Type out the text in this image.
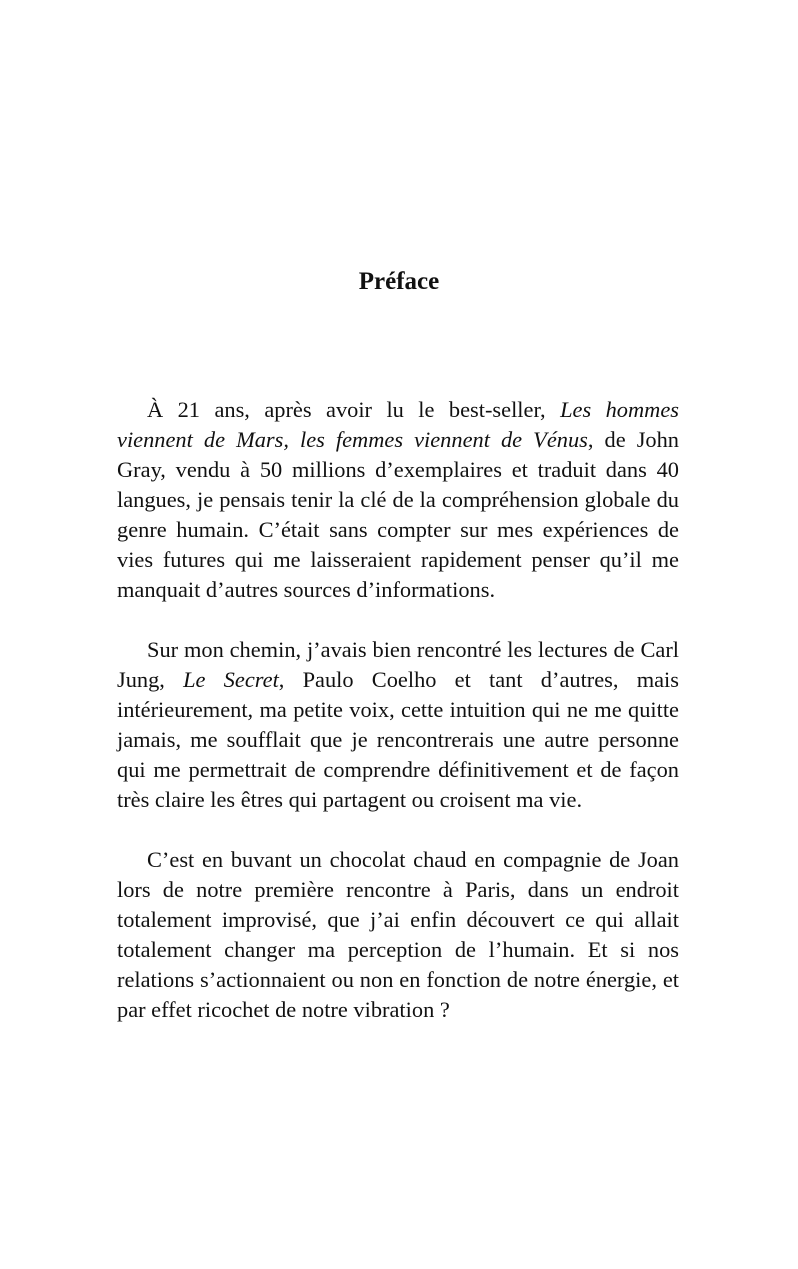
Préface

À 21 ans, après avoir lu le best-seller, Les hommes viennent de Mars, les femmes viennent de Vénus, de John Gray, vendu à 50 millions d’exemplaires et traduit dans 40 langues, je pensais tenir la clé de la compréhension globale du genre humain. C’était sans compter sur mes expériences de vies futures qui me laisseraient rapidement penser qu’il me manquait d’autres sources d’informations.

Sur mon chemin, j’avais bien rencontré les lectures de Carl Jung, Le Secret, Paulo Coelho et tant d’autres, mais intérieurement, ma petite voix, cette intuition qui ne me quitte jamais, me soufflait que je rencontrerais une autre personne qui me permettrait de comprendre définitivement et de façon très claire les êtres qui partagent ou croisent ma vie.

C’est en buvant un chocolat chaud en compagnie de Joan lors de notre première rencontre à Paris, dans un endroit totalement improvisé, que j’ai enfin découvert ce qui allait totalement changer ma perception de l’humain. Et si nos relations s’actionnaient ou non en fonction de notre énergie, et par effet ricochet de notre vibration ?
